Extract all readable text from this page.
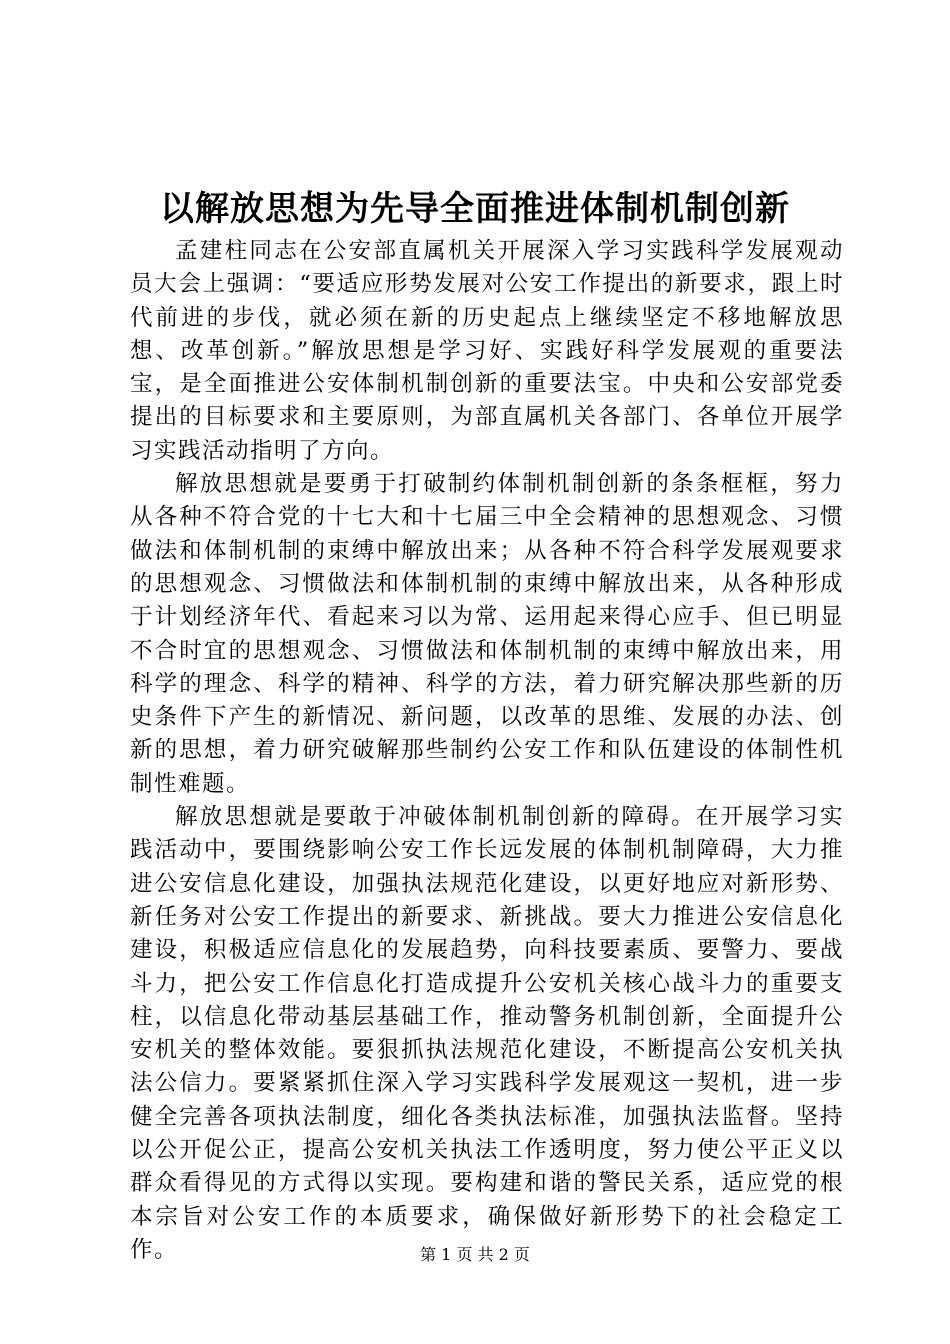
以解放思想为先导全面推进体制机制创新

孟建柱同志在公安部直属机关开展深入学习实践科学发展观动员大会上强调：“要适应形势发展对公安工作提出的新要求，跟上时代前进的步伐，就必须在新的历史起点上继续坚定不移地解放思想、改革创新。”解放思想是学习好、实践好科学发展观的重要法宝，是全面推进公安体制机制创新的重要法宝。中央和公安部党委提出的目标要求和主要原则，为部直属机关各部门、各单位开展学习实践活动指明了方向。

解放思想就是要勇于打破制约体制机制创新的条条框框，努力从各种不符合党的十七大和十七届三中全会精神的思想观念、习惯做法和体制机制的束缚中解放出来；从各种不符合科学发展观要求的思想观念、习惯做法和体制机制的束缚中解放出来，从各种形成于计划经济年代、看起来习以为常、运用起来得心应手、但已明显不合时宜的思想观念、习惯做法和体制机制的束缚中解放出来，用科学的理念、科学的精神、科学的方法，着力研究解决那些新的历史条件下产生的新情况、新问题，以改革的思维、发展的办法、创新的思想，着力研究破解那些制约公安工作和队伍建设的体制性机制性难题。

解放思想就是要敢于冲破体制机制创新的障碍。在开展学习实践活动中，要围绕影响公安工作长远发展的体制机制障碍，大力推进公安信息化建设，加强执法规范化建设，以更好地应对新形势、新任务对公安工作提出的新要求、新挑战。要大力推进公安信息化建设，积极适应信息化的发展趋势，向科技要素质、要警力、要战斗力，把公安工作信息化打造成提升公安机关核心战斗力的重要支柱，以信息化带动基层基础工作，推动警务机制创新，全面提升公安机关的整体效能。要狠抓执法规范化建设，不断提高公安机关执法公信力。要紧紧抓住深入学习实践科学发展观这一契机，进一步健全完善各项执法制度，细化各类执法标准，加强执法监督。坚持以公开促公正，提高公安机关执法工作透明度，努力使公平正义以群众看得见的方式得以实现。要构建和谐的警民关系，适应党的根本宗旨对公安工作的本质要求，确保做好新形势下的社会稳定工作。	第 1 页 共 2 页
